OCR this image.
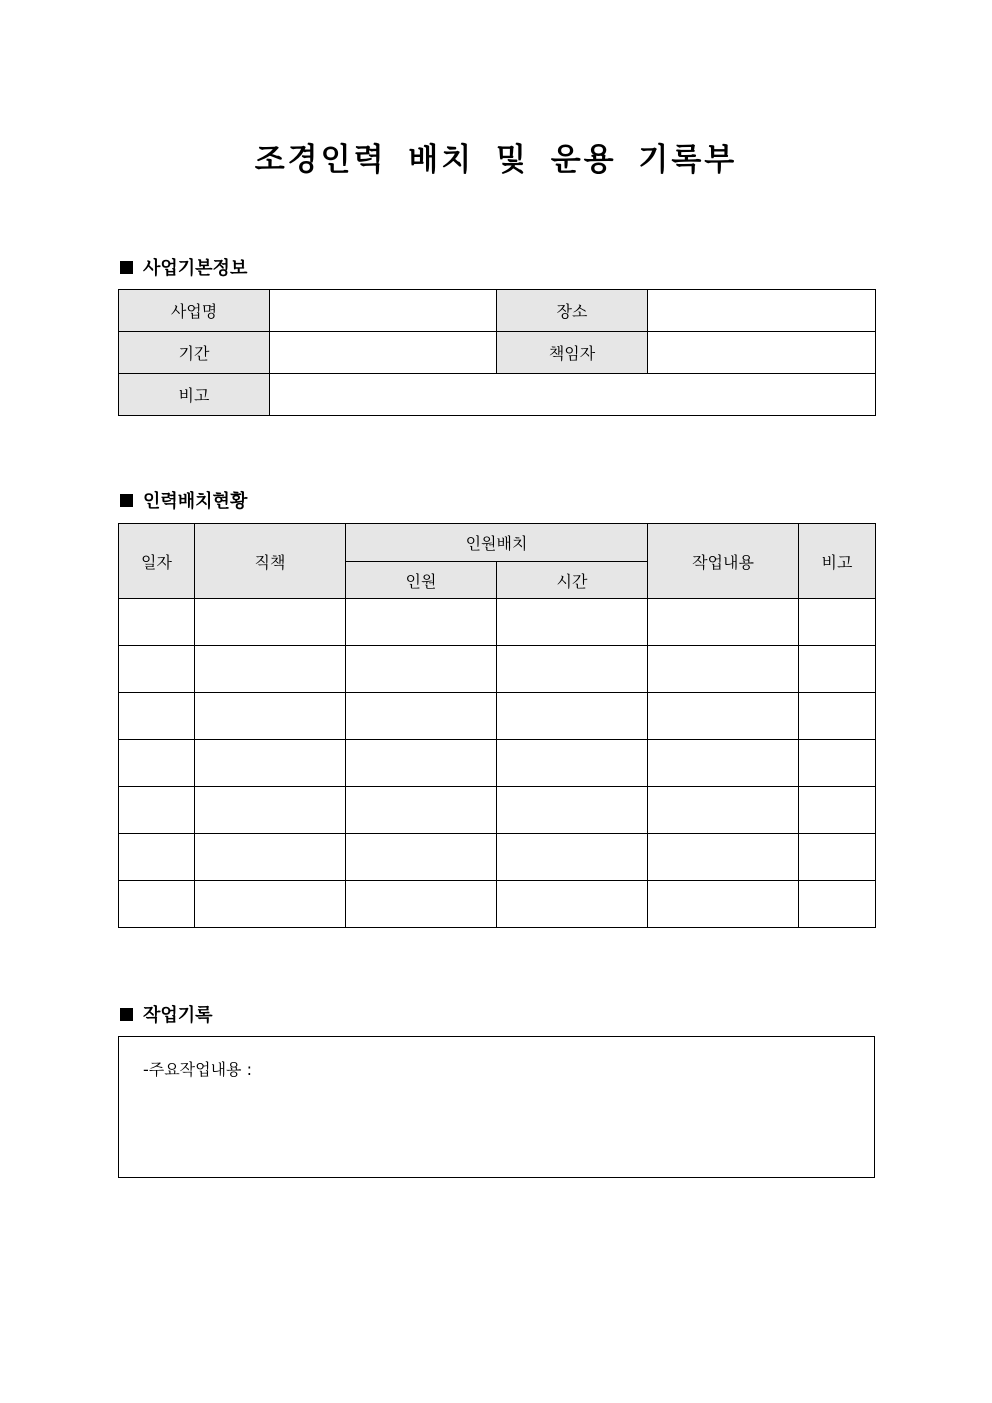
조경인력 배치 및 운용 기록부
사업기본정보
사업명		장소	
기간		책임자	
비고			
인력배치현황
일자	직책	인원배치		작업내용	비고
		인원	시간		

작업기록
-주요작업내용 :
